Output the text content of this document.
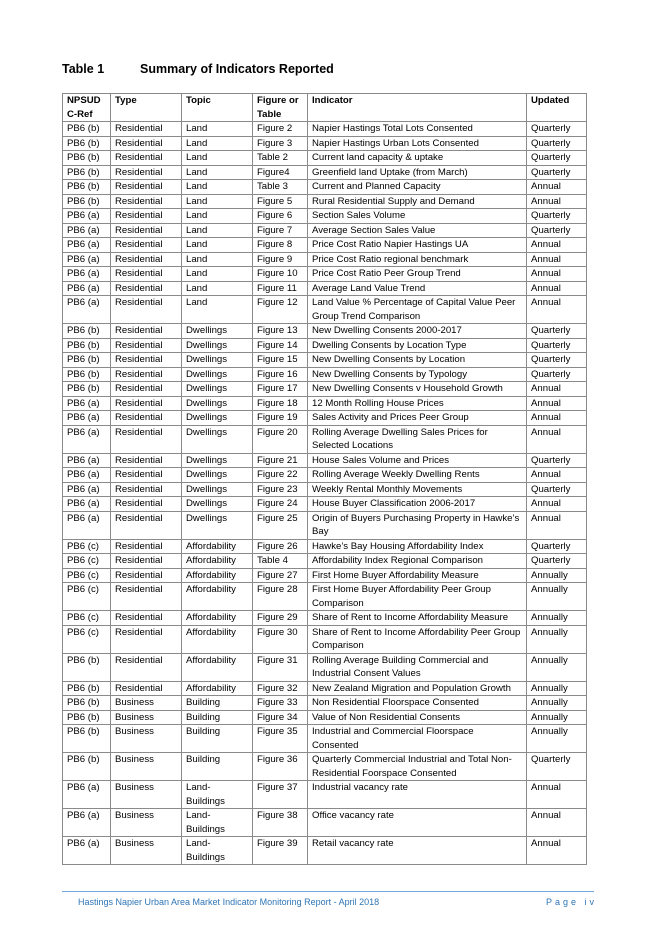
Table 1	Summary of Indicators Reported
NPSUD C-Ref	Type	Topic	Figure or Table	Indicator	Updated
PB6 (b)	Residential	Land	Figure 2	Napier Hastings Total Lots Consented	Quarterly
PB6 (b)	Residential	Land	Figure 3	Napier Hastings Urban Lots Consented	Quarterly
PB6 (b)	Residential	Land	Table 2	Current land capacity & uptake	Quarterly
PB6 (b)	Residential	Land	Figure4	Greenfield land Uptake (from March)	Quarterly
PB6 (b)	Residential	Land	Table 3	Current and Planned Capacity	Annual
PB6 (b)	Residential	Land	Figure 5	Rural Residential Supply and Demand	Annual
PB6 (a)	Residential	Land	Figure 6	Section Sales Volume	Quarterly
PB6 (a)	Residential	Land	Figure 7	Average Section Sales Value	Quarterly
PB6 (a)	Residential	Land	Figure 8	Price Cost Ratio Napier Hastings UA	Annual
PB6 (a)	Residential	Land	Figure 9	Price Cost Ratio regional benchmark	Annual
PB6 (a)	Residential	Land	Figure 10	Price Cost Ratio Peer Group Trend	Annual
PB6 (a)	Residential	Land	Figure 11	Average Land Value Trend	Annual
PB6 (a)	Residential	Land	Figure 12	Land Value % Percentage of Capital Value Peer Group Trend Comparison	Annual
PB6 (b)	Residential	Dwellings	Figure 13	New Dwelling Consents 2000-2017	Quarterly
PB6 (b)	Residential	Dwellings	Figure 14	Dwelling Consents by Location Type	Quarterly
PB6 (b)	Residential	Dwellings	Figure 15	New Dwelling Consents by Location	Quarterly
PB6 (b)	Residential	Dwellings	Figure 16	New Dwelling Consents by Typology	Quarterly
PB6 (b)	Residential	Dwellings	Figure 17	New Dwelling Consents v Household Growth	Annual
PB6 (a)	Residential	Dwellings	Figure 18	12 Month Rolling House Prices	Annual
PB6 (a)	Residential	Dwellings	Figure 19	Sales Activity and Prices Peer Group	Annual
PB6 (a)	Residential	Dwellings	Figure 20	Rolling Average Dwelling Sales Prices for Selected Locations	Annual
PB6 (a)	Residential	Dwellings	Figure 21	House Sales Volume and Prices	Quarterly
PB6 (a)	Residential	Dwellings	Figure 22	Rolling Average Weekly Dwelling Rents	Annual
PB6 (a)	Residential	Dwellings	Figure 23	Weekly Rental Monthly Movements	Quarterly
PB6 (a)	Residential	Dwellings	Figure 24	House Buyer Classification 2006-2017	Annual
PB6 (a)	Residential	Dwellings	Figure 25	Origin of Buyers Purchasing Property in Hawke’s Bay	Annual
PB6 (c)	Residential	Affordability	Figure 26	Hawke’s Bay Housing Affordability Index	Quarterly
PB6 (c)	Residential	Affordability	Table 4	Affordability Index Regional Comparison	Quarterly
PB6 (c)	Residential	Affordability	Figure 27	First Home Buyer Affordability Measure	Annually
PB6 (c)	Residential	Affordability	Figure 28	First Home Buyer Affordability Peer Group Comparison	Annually
PB6 (c)	Residential	Affordability	Figure 29	Share of Rent to Income Affordability Measure	Annually
PB6 (c)	Residential	Affordability	Figure 30	Share of Rent to Income Affordability Peer Group Comparison	Annually
PB6 (b)	Residential	Affordability	Figure 31	Rolling Average Building Commercial and Industrial Consent Values	Annually
PB6 (b)	Residential	Affordability	Figure 32	New Zealand Migration and Population Growth	Annually
PB6 (b)	Business	Building	Figure 33	Non Residential Floorspace Consented	Annually
PB6 (b)	Business	Building	Figure 34	Value of Non Residential Consents	Annually
PB6 (b)	Business	Building	Figure 35	Industrial and Commercial Floorspace Consented	Annually
PB6 (b)	Business	Building	Figure 36	Quarterly Commercial Industrial and Total Non-Residential Foorspace Consented	Quarterly
PB6 (a)	Business	Land-Buildings	Figure 37	Industrial vacancy rate	Annual
PB6 (a)	Business	Land-Buildings	Figure 38	Office vacancy rate	Annual
PB6 (a)	Business	Land-Buildings	Figure 39	Retail vacancy rate	Annual
Hastings Napier Urban Area Market Indicator Monitoring Report - April 2018	Page iv
